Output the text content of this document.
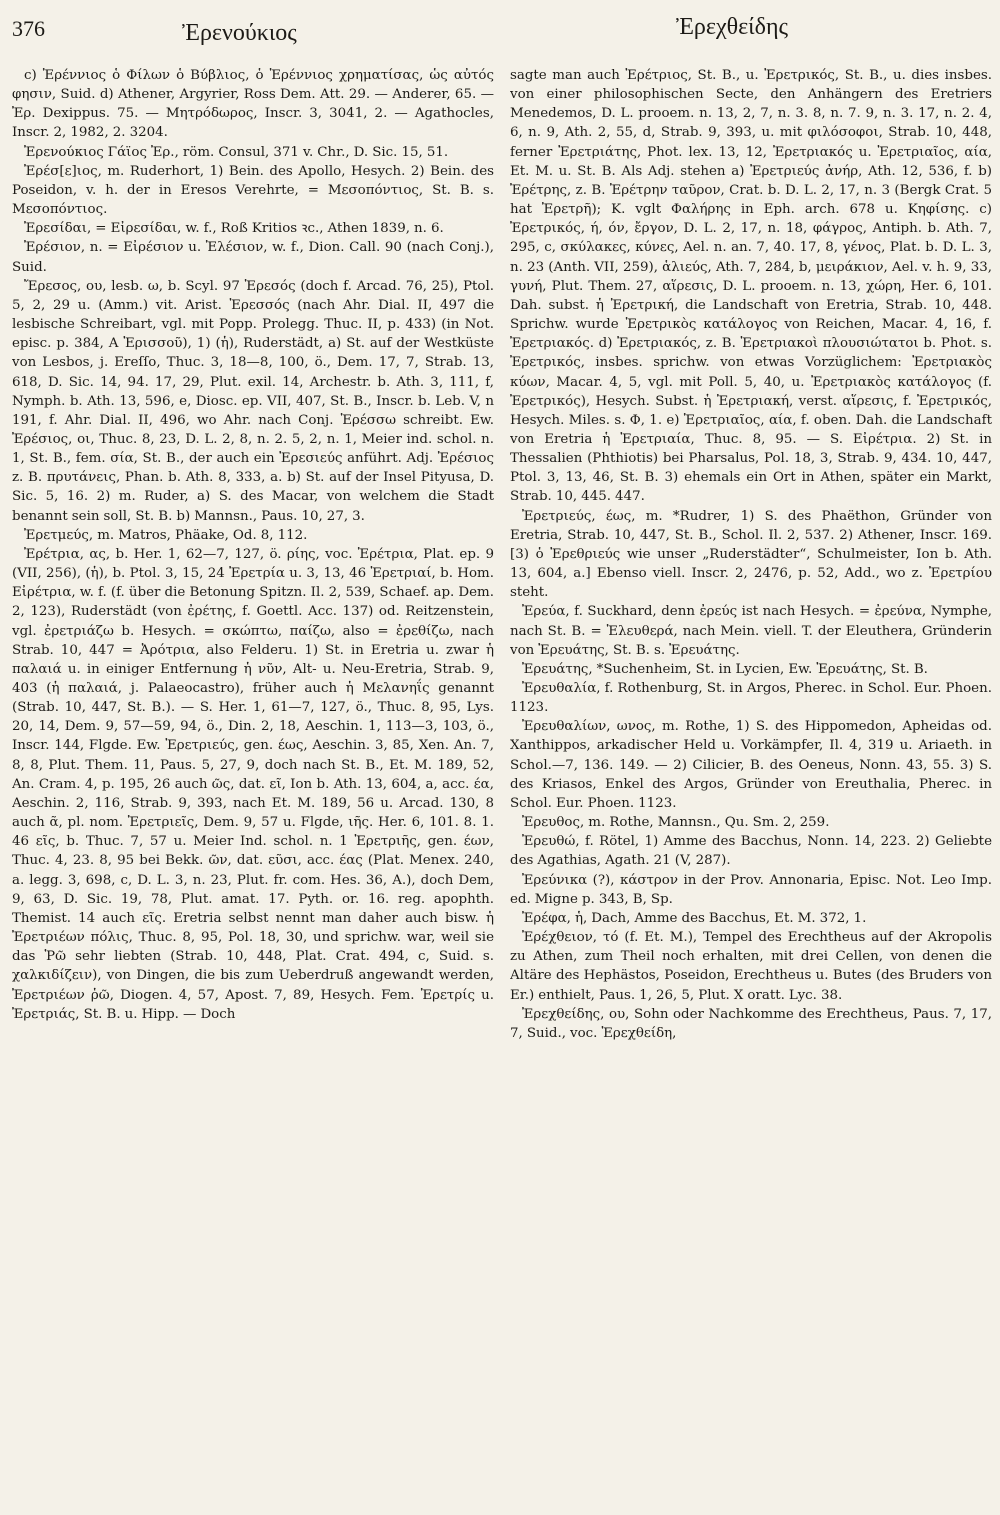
376	Ἐρενούκιος	Ἐρεχθείδης

c) Ἐρέννιος ὁ Φίλων ὁ Βύβλιος, ὁ Ἐρέννιος χρηματίσας, ὡς αὐτός φησιν, Suid. d) Athener, Argyrier, Ross Dem. Att. 29. — Anderer, 65. — Ἐρ. Dexippus. 75. — Μητρόδωρος, Inscr. 3, 3041, 2. — Agathocles, Inscr. 2, 1982, 2. 3204.

Ἐρενούκιος Γάϊος Ἐρ., röm. Consul, 371 v. Chr., D. Sic. 15, 51.

Ἐρέσ[ε]ιος, m. Ruderhort, 1) Bein. des Apollo, Hesych. 2) Bein. des Poseidon, v. h. der in Eresos Verehrte, = Μεσοπόντιος, St. B. s. Μεσοπόντιος.

Ἐρεσίδαι, = Εἰρεσίδαι, w. f., Roß Kritios ꝛc., Athen 1839, n. 6.

Ἐρέσιον, n. = Εἰρέσιον u. Ἐλέσιον, w. f., Dion. Call. 90 (nach Conj.), Suid.

Ἔρεσος, ου, lesb. ω, b. Scyl. 97 Ἐρεσός (doch f. Arcad. 76, 25), Ptol. 5, 2, 29 u. (Amm.) vit. Arist. Ἐρεσσός (nach Ahr. Dial. II, 497 die lesbische Schreibart, vgl. mit Popp. Prolegg. Thuc. II, p. 433) (in Not. episc. p. 384, A Ἐρισσοῦ), 1) (ἡ), Ruderstädt, a) St. auf der Westküste von Lesbos, j. Ereſſo, Thuc. 3, 18—8, 100, ö., Dem. 17, 7, Strab. 13, 618, D. Sic. 14, 94. 17, 29, Plut. exil. 14, Archestr. b. Ath. 3, 111, f, Nymph. b. Ath. 13, 596, e, Diosc. ep. VII, 407, St. B., Inscr. b. Leb. V, n 191, f. Ahr. Dial. II, 496, wo Ahr. nach Conj. Ἐρέσσω schreibt. Ew. Ἐρέσιος, οι, Thuc. 8, 23, D. L. 2, 8, n. 2. 5, 2, n. 1, Meier ind. schol. n. 1, St. B., fem. σία, St. B., der auch ein Ἐρεσιεύς anführt. Adj. Ἐρέσιος z. B. πρυτάνεις, Phan. b. Ath. 8, 333, a. b) St. auf der Insel Pityusa, D. Sic. 5, 16. 2) m. Ruder, a) S. des Macar, von welchem die Stadt benannt sein soll, St. B. b) Mannsn., Paus. 10, 27, 3.

Ἐρετμεύς, m. Matros, Phäake, Od. 8, 112.

Ἐρέτρια, ας, b. Her. 1, 62—7, 127, ö. ρίης, voc. Ἐρέτρια, Plat. ep. 9 (VII, 256), (ἡ), b. Ptol. 3, 15, 24 Ἐρετρία u. 3, 13, 46 Ἐρετριαί, b. Hom. Εἰρέτρια, w. f. (f. über die Betonung Spitzn. Il. 2, 539, Schaef. ap. Dem. 2, 123), Ruderstädt (von ἐρέτης, f. Goettl. Acc. 137) od. Reitzenstein, vgl. ἐρετριάζω b. Hesych. = σκώπτω, παίζω, also = ἐρεθίζω, nach Strab. 10, 447 = Ἀρότρια, also Felderu. 1) St. in Eretria u. zwar ἡ παλαιά u. in einiger Entfernung ἡ νῦν, Alt- u. Neu-Eretria, Strab. 9, 403 (ἡ παλαιά, j. Palaeocastro), früher auch ἡ Μελανηΐς genannt (Strab. 10, 447, St. B.). — S. Her. 1, 61—7, 127, ö., Thuc. 8, 95, Lys. 20, 14, Dem. 9, 57—59, 94, ö., Din. 2, 18, Aeschin. 1, 113—3, 103, ö., Inscr. 144, Flgde. Ew. Ἐρετριεύς, gen. έως, Aeschin. 3, 85, Xen. An. 7, 8, 8, Plut. Them. 11, Paus. 5, 27, 9, doch nach St. B., Et. M. 189, 52, An. Cram. 4, p. 195, 26 auch ῶς, dat. εῖ, Ion b. Ath. 13, 604, a, acc. έα, Aeschin. 2, 116, Strab. 9, 393, nach Et. M. 189, 56 u. Arcad. 130, 8 auch ᾶ, pl. nom. Ἐρετριεῖς, Dem. 9, 57 u. Flgde, ιῆς. Her. 6, 101. 8. 1. 46 εῖς, b. Thuc. 7, 57 u. Meier Ind. schol. n. 1 Ἐρετριῆς, gen. έων, Thuc. 4, 23. 8, 95 bei Bekk. ῶν, dat. εῦσι, acc. έας (Plat. Menex. 240, a. legg. 3, 698, c, D. L. 3, n. 23, Plut. fr. com. Hes. 36, A.), doch Dem, 9, 63, D. Sic. 19, 78, Plut. amat. 17. Pyth. or. 16. reg. apophth. Themist. 14 auch εῖς. Eretria selbst nennt man daher auch bisw. ἡ Ἐρετριέων πόλις, Thuc. 8, 95, Pol. 18, 30, und sprichw. war, weil sie das Ῥῶ sehr liebten (Strab. 10, 448, Plat. Crat. 494, c, Suid. s. χαλκιδίζειν), von Dingen, die bis zum Ueberdruß angewandt werden, Ἐρετριέων ῥῶ, Diogen. 4, 57, Apost. 7, 89, Hesych. Fem. Ἐρετρίς u. Ἐρετριάς, St. B. u. Hipp. — Doch

sagte man auch Ἐρέτριος, St. B., u. Ἐρετρικός, St. B., u. dies insbes. von einer philosophischen Secte, den Anhängern des Eretriers Menedemos, D. L. prooem. n. 13, 2, 7, n. 3. 8, n. 7. 9, n. 3. 17, n. 2. 4, 6, n. 9, Ath. 2, 55, d, Strab. 9, 393, u. mit φιλόσοφοι, Strab. 10, 448, ferner Ἐρετριάτης, Phot. lex. 13, 12, Ἐρετριακός u. Ἐρετριαῖος, αία, Et. M. u. St. B. Als Adj. stehen a) Ἐρετριεύς ἀνήρ, Ath. 12, 536, f. b) Ἐρέτρης, z. B. Ἐρέτρην ταῦρον, Crat. b. D. L. 2, 17, n. 3 (Bergk Crat. 5 hat Ἐρετρῆ); K. vglt Φαλήρης in Eph. arch. 678 u. Κηφίσης. c) Ἐρετρικός, ή, όν, ἔργον, D. L. 2, 17, n. 18, φάγρος, Antiph. b. Ath. 7, 295, c, σκύλακες, κύνες, Ael. n. an. 7, 40. 17, 8, γένος, Plat. b. D. L. 3, n. 23 (Anth. VII, 259), ἁλιεύς, Ath. 7, 284, b, μειράκιον, Ael. v. h. 9, 33, γυνή, Plut. Them. 27, αἵρεσις, D. L. prooem. n. 13, χώρη, Her. 6, 101. Dah. subst. ἡ Ἐρετρική, die Landschaft von Eretria, Strab. 10, 448. Sprichw. wurde Ἐρετρικὸς κατάλογος von Reichen, Macar. 4, 16, f. Ἐρετριακός. d) Ἐρετριακός, z. B. Ἐρετριακοὶ πλουσιώτατοι b. Phot. s. Ἐρετρικός, insbes. sprichw. von etwas Vorzüglichem: Ἐρετριακὸς κύων, Macar. 4, 5, vgl. mit Poll. 5, 40, u. Ἐρετριακὸς κατάλογος (f. Ἐρετρικός), Hesych. Subst. ἡ Ἐρετριακή, verst. αἵρεσις, f. Ἐρετρικός, Hesych. Miles. s. Φ, 1. e) Ἐρετριαῖος, αία, f. oben. Dah. die Landschaft von Eretria ἡ Ἐρετριαία, Thuc. 8, 95. — S. Εἰρέτρια. 2) St. in Thessalien (Phthiotis) bei Pharsalus, Pol. 18, 3, Strab. 9, 434. 10, 447, Ptol. 3, 13, 46, St. B. 3) ehemals ein Ort in Athen, später ein Markt, Strab. 10, 445. 447.

Ἐρετριεύς, έως, m. *Rudrer, 1) S. des Phaëthon, Gründer von Eretria, Strab. 10, 447, St. B., Schol. Il. 2, 537. 2) Athener, Inscr. 169. [3) ὁ Ἐρεθριεύς wie unser „Ruderstädter“, Schulmeister, Ion b. Ath. 13, 604, a.] Ebenso viell. Inscr. 2, 2476, p. 52, Add., wo z. Ἐρετρίου steht.

Ἐρεύα, f. Suckhard, denn ἐρεύς ist nach Hesych. = ἐρεύνα, Nymphe, nach St. B. = Ἐλευθερά, nach Mein. viell. T. der Eleuthera, Gründerin von Ἐρευάτης, St. B. s. Ἐρευάτης.

Ἐρευάτης, *Suchenheim, St. in Lycien, Ew. Ἐρευάτης, St. B.

Ἐρευθαλία, f. Rothenburg, St. in Argos, Pherec. in Schol. Eur. Phoen. 1123.

Ἐρευθαλίων, ωνος, m. Rothe, 1) S. des Hippomedon, Apheidas od. Xanthippos, arkadischer Held u. Vorkämpfer, Il. 4, 319 u. Ariaeth. in Schol.—7, 136. 149. — 2) Cilicier, B. des Oeneus, Nonn. 43, 55. 3) S. des Kriasos, Enkel des Argos, Gründer von Ereuthalia, Pherec. in Schol. Eur. Phoen. 1123.

Ἐρευθος, m. Rothe, Mannsn., Qu. Sm. 2, 259.

Ἐρευθώ, f. Rötel, 1) Amme des Bacchus, Nonn. 14, 223. 2) Geliebte des Agathias, Agath. 21 (V, 287).

Ἐρεύνικα (?), κάστρον in der Prov. Annonaria, Episc. Not. Leo Imp. ed. Migne p. 343, B, Sp.

Ἐρέφα, ἡ, Dach, Amme des Bacchus, Et. M. 372, 1.

Ἐρέχθειον, τό (f. Et. M.), Tempel des Erechtheus auf der Akropolis zu Athen, zum Theil noch erhalten, mit drei Cellen, von denen die Altäre des Hephästos, Poseidon, Erechtheus u. Butes (des Bruders von Er.) enthielt, Paus. 1, 26, 5, Plut. X oratt. Lyc. 38.

Ἐρεχθείδης, ου, Sohn oder Nachkomme des Erechtheus, Paus. 7, 17, 7, Suid., voc. Ἐρεχθείδη,
